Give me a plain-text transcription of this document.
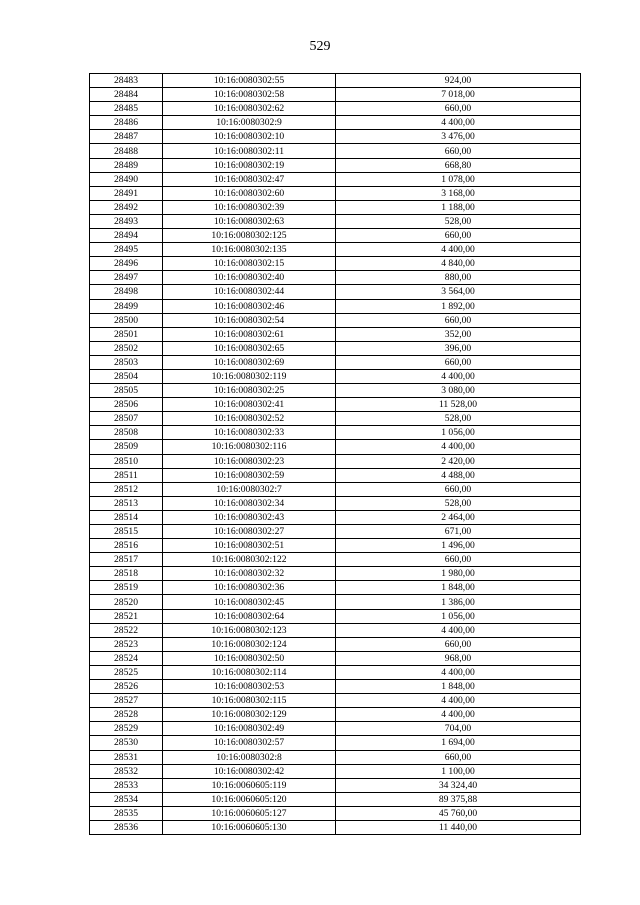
529
28483	10:16:0080302:55	924,00
28484	10:16:0080302:58	7 018,00
28485	10:16:0080302:62	660,00
28486	10:16:0080302:9	4 400,00
28487	10:16:0080302:10	3 476,00
28488	10:16:0080302:11	660,00
28489	10:16:0080302:19	668,80
28490	10:16:0080302:47	1 078,00
28491	10:16:0080302:60	3 168,00
28492	10:16:0080302:39	1 188,00
28493	10:16:0080302:63	528,00
28494	10:16:0080302:125	660,00
28495	10:16:0080302:135	4 400,00
28496	10:16:0080302:15	4 840,00
28497	10:16:0080302:40	880,00
28498	10:16:0080302:44	3 564,00
28499	10:16:0080302:46	1 892,00
28500	10:16:0080302:54	660,00
28501	10:16:0080302:61	352,00
28502	10:16:0080302:65	396,00
28503	10:16:0080302:69	660,00
28504	10:16:0080302:119	4 400,00
28505	10:16:0080302:25	3 080,00
28506	10:16:0080302:41	11 528,00
28507	10:16:0080302:52	528,00
28508	10:16:0080302:33	1 056,00
28509	10:16:0080302:116	4 400,00
28510	10:16:0080302:23	2 420,00
28511	10:16:0080302:59	4 488,00
28512	10:16:0080302:7	660,00
28513	10:16:0080302:34	528,00
28514	10:16:0080302:43	2 464,00
28515	10:16:0080302:27	671,00
28516	10:16:0080302:51	1 496,00
28517	10:16:0080302:122	660,00
28518	10:16:0080302:32	1 980,00
28519	10:16:0080302:36	1 848,00
28520	10:16:0080302:45	1 386,00
28521	10:16:0080302:64	1 056,00
28522	10:16:0080302:123	4 400,00
28523	10:16:0080302:124	660,00
28524	10:16:0080302:50	968,00
28525	10:16:0080302:114	4 400,00
28526	10:16:0080302:53	1 848,00
28527	10:16:0080302:115	4 400,00
28528	10:16:0080302:129	4 400,00
28529	10:16:0080302:49	704,00
28530	10:16:0080302:57	1 694,00
28531	10:16:0080302:8	660,00
28532	10:16:0080302:42	1 100,00
28533	10:16:0060605:119	34 324,40
28534	10:16:0060605:120	89 375,88
28535	10:16:0060605:127	45 760,00
28536	10:16:0060605:130	11 440,00
